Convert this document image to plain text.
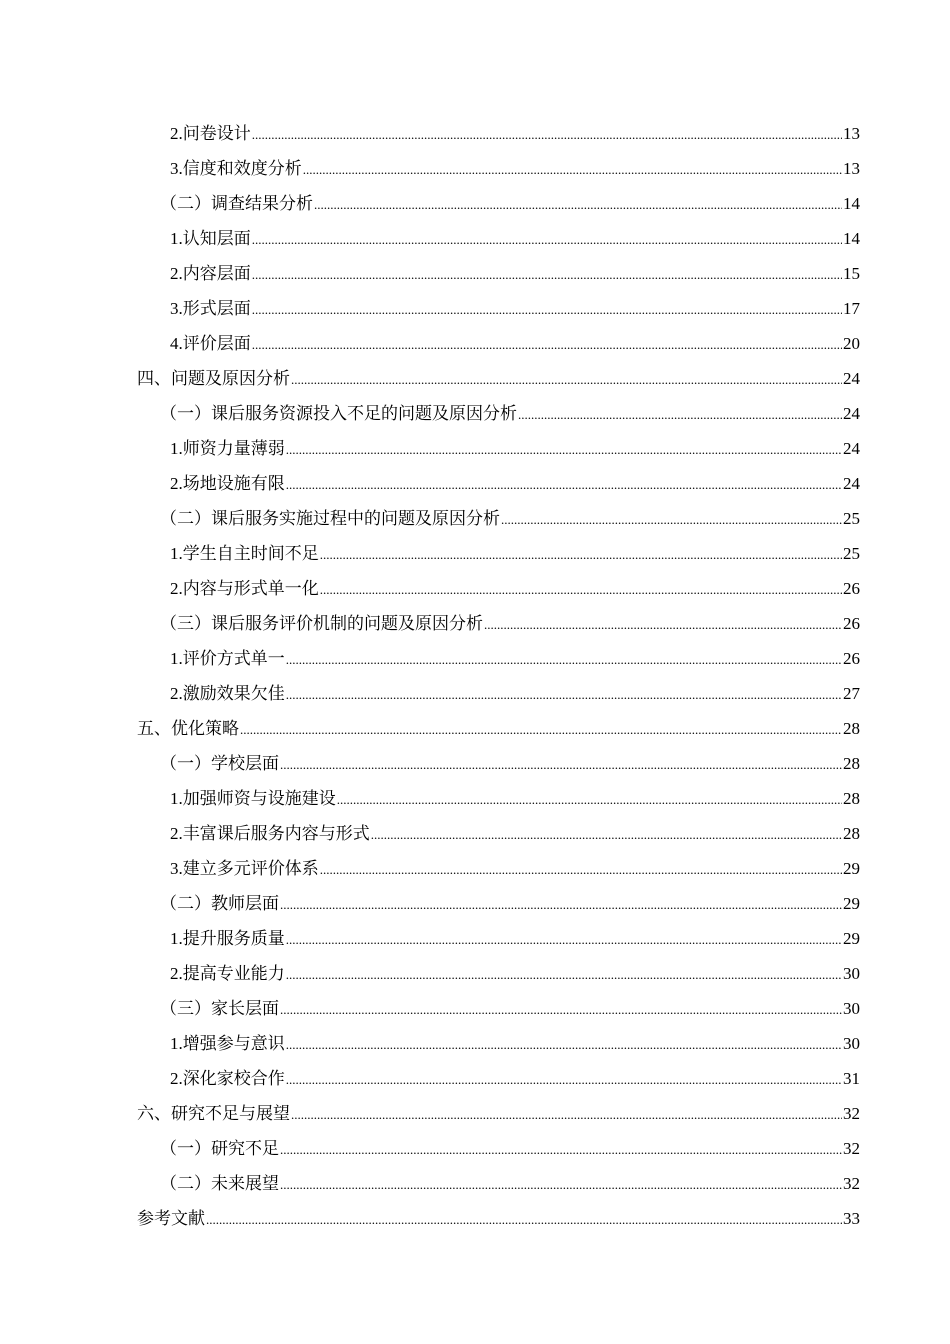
2.问卷设计 .....	13
3.信度和效度分析 .....	13
（二）调查结果分析 .....	14
1.认知层面 .....	14
2.内容层面 .....	15
3.形式层面 .....	17
4.评价层面 .....	20
四、问题及原因分析 .....	24
（一）课后服务资源投入不足的问题及原因分析 .....	24
1.师资力量薄弱 .....	24
2.场地设施有限 .....	24
（二）课后服务实施过程中的问题及原因分析 .....	25
1.学生自主时间不足 .....	25
2.内容与形式单一化 .....	26
（三）课后服务评价机制的问题及原因分析 .....	26
1.评价方式单一 .....	26
2.激励效果欠佳 .....	27
五、优化策略 .....	28
（一）学校层面 .....	28
1.加强师资与设施建设 .....	28
2.丰富课后服务内容与形式 .....	28
3.建立多元评价体系 .....	29
（二）教师层面 .....	29
1.提升服务质量 .....	29
2.提高专业能力 .....	30
（三）家长层面 .....	30
1.增强参与意识 .....	30
2.深化家校合作 .....	31
六、研究不足与展望 .....	32
（一）研究不足 .....	32
（二）未来展望 .....	32
参考文献 .....	33
